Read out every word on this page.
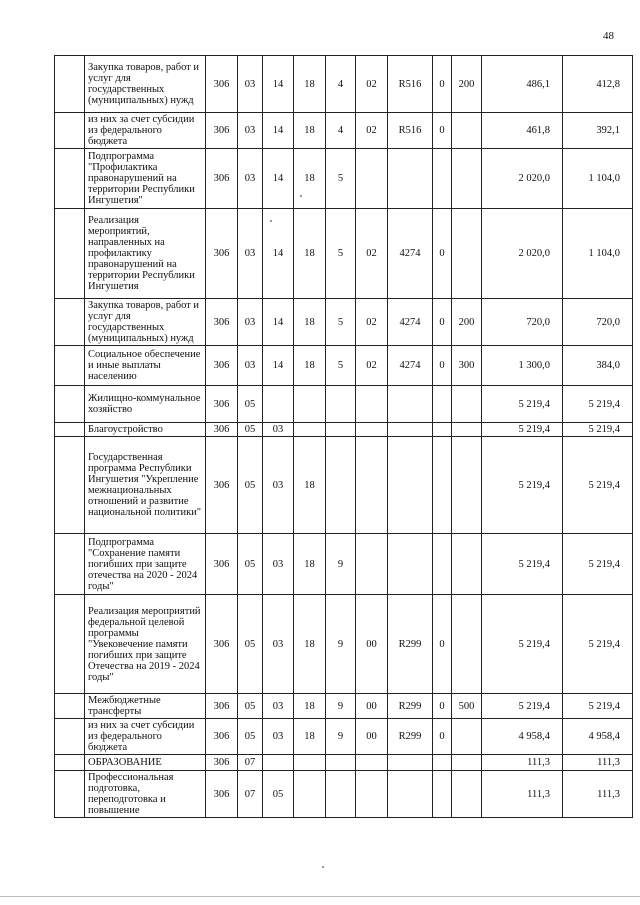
48
	Закупка товаров, работ и услуг для государственных (муниципальных) нужд	306	03	14	18	4	02	R516	0	200	486,1	412,8
	из них за счет субсидии из федерального бюджета	306	03	14	18	4	02	R516	0		461,8	392,1
	Подпрограмма "Профилактика правонарушений на территории Республики Ингушетия"	306	03	14	18	5					2 020,0	1 104,0
	Реализация мероприятий, направленных на профилактику правонарушений на территории Республики Ингушетия	306	03	14	18	5	02	4274	0		2 020,0	1 104,0
	Закупка товаров, работ и услуг для государственных (муниципальных) нужд	306	03	14	18	5	02	4274	0	200	720,0	720,0
	Социальное обеспечение и иные выплаты населению	306	03	14	18	5	02	4274	0	300	1 300,0	384,0
	Жилищно-коммунальное хозяйство	306	05								5 219,4	5 219,4
	Благоустройство	306	05	03							5 219,4	5 219,4
	Государственная программа Республики Ингушетия "Укрепление межнациональных отношений и развитие национальной политики"	306	05	03	18						5 219,4	5 219,4
	Подпрограмма "Сохранение памяти погибших при защите отечества на 2020 - 2024 годы"	306	05	03	18	9					5 219,4	5 219,4
	Реализация мероприятий федеральной целевой программы "Увековечение памяти погибших при защите Отечества на 2019 - 2024 годы"	306	05	03	18	9	00	R299	0		5 219,4	5 219,4
	Межбюджетные трансферты	306	05	03	18	9	00	R299	0	500	5 219,4	5 219,4
	из них за счет субсидии из федерального бюджета	306	05	03	18	9	00	R299	0		4 958,4	4 958,4
	ОБРАЗОВАНИЕ	306	07								111,3	111,3
	Профессиональная подготовка, переподготовка и повышение	306	07	05							111,3	111,3
